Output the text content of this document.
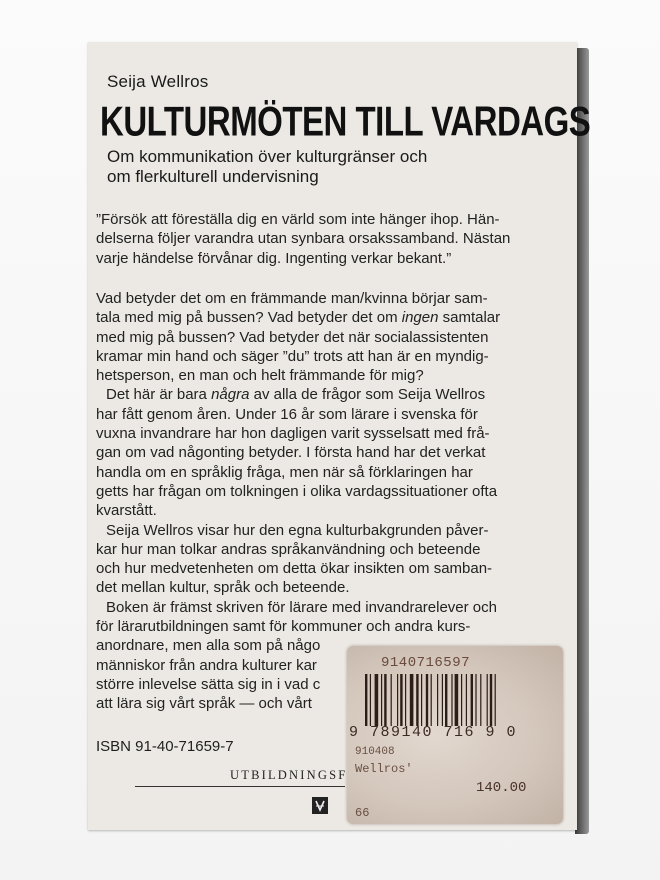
Seija Wellros
KULTURMÖTEN TILL VARDAGS
Om kommunikation över kulturgränser och
om flerkulturell undervisning
”Försök att föreställa dig en värld som inte hänger ihop. Hän-
delserna följer varandra utan synbara orsakssamband. Nästan
varje händelse förvånar dig. Ingenting verkar bekant.”
Vad betyder det om en främmande man/kvinna börjar sam-
tala med mig på bussen? Vad betyder det om ingen samtalar
med mig på bussen? Vad betyder det när socialassistenten
kramar min hand och säger ”du” trots att han är en myndig-
hetsperson, en man och helt främmande för mig?
Det här är bara några av alla de frågor som Seija Wellros
har fått genom åren. Under 16 år som lärare i svenska för
vuxna invandrare har hon dagligen varit sysselsatt med frå-
gan om vad någonting betyder. I första hand har det verkat
handla om en språklig fråga, men när så förklaringen har
getts har frågan om tolkningen i olika vardagssituationer ofta
kvarstått.
Seija Wellros visar hur den egna kulturbakgrunden påver-
kar hur man tolkar andras språkanvändning och beteende
och hur medvetenheten om detta ökar insikten om samban-
det mellan kultur, språk och beteende.
Boken är främst skriven för lärare med invandrarelever och
för lärarutbildningen samt för kommuner och andra kurs-
anordnare, men alla som på någo
människor från andra kulturer kar
större inlevelse sätta sig in i vad c
att lära sig vårt språk — och vårt
ISBN 91-40-71659-7
UTBILDNINGSF
9140716597
9 789140 716 9 0
910408
Wellros'
140.00
66
